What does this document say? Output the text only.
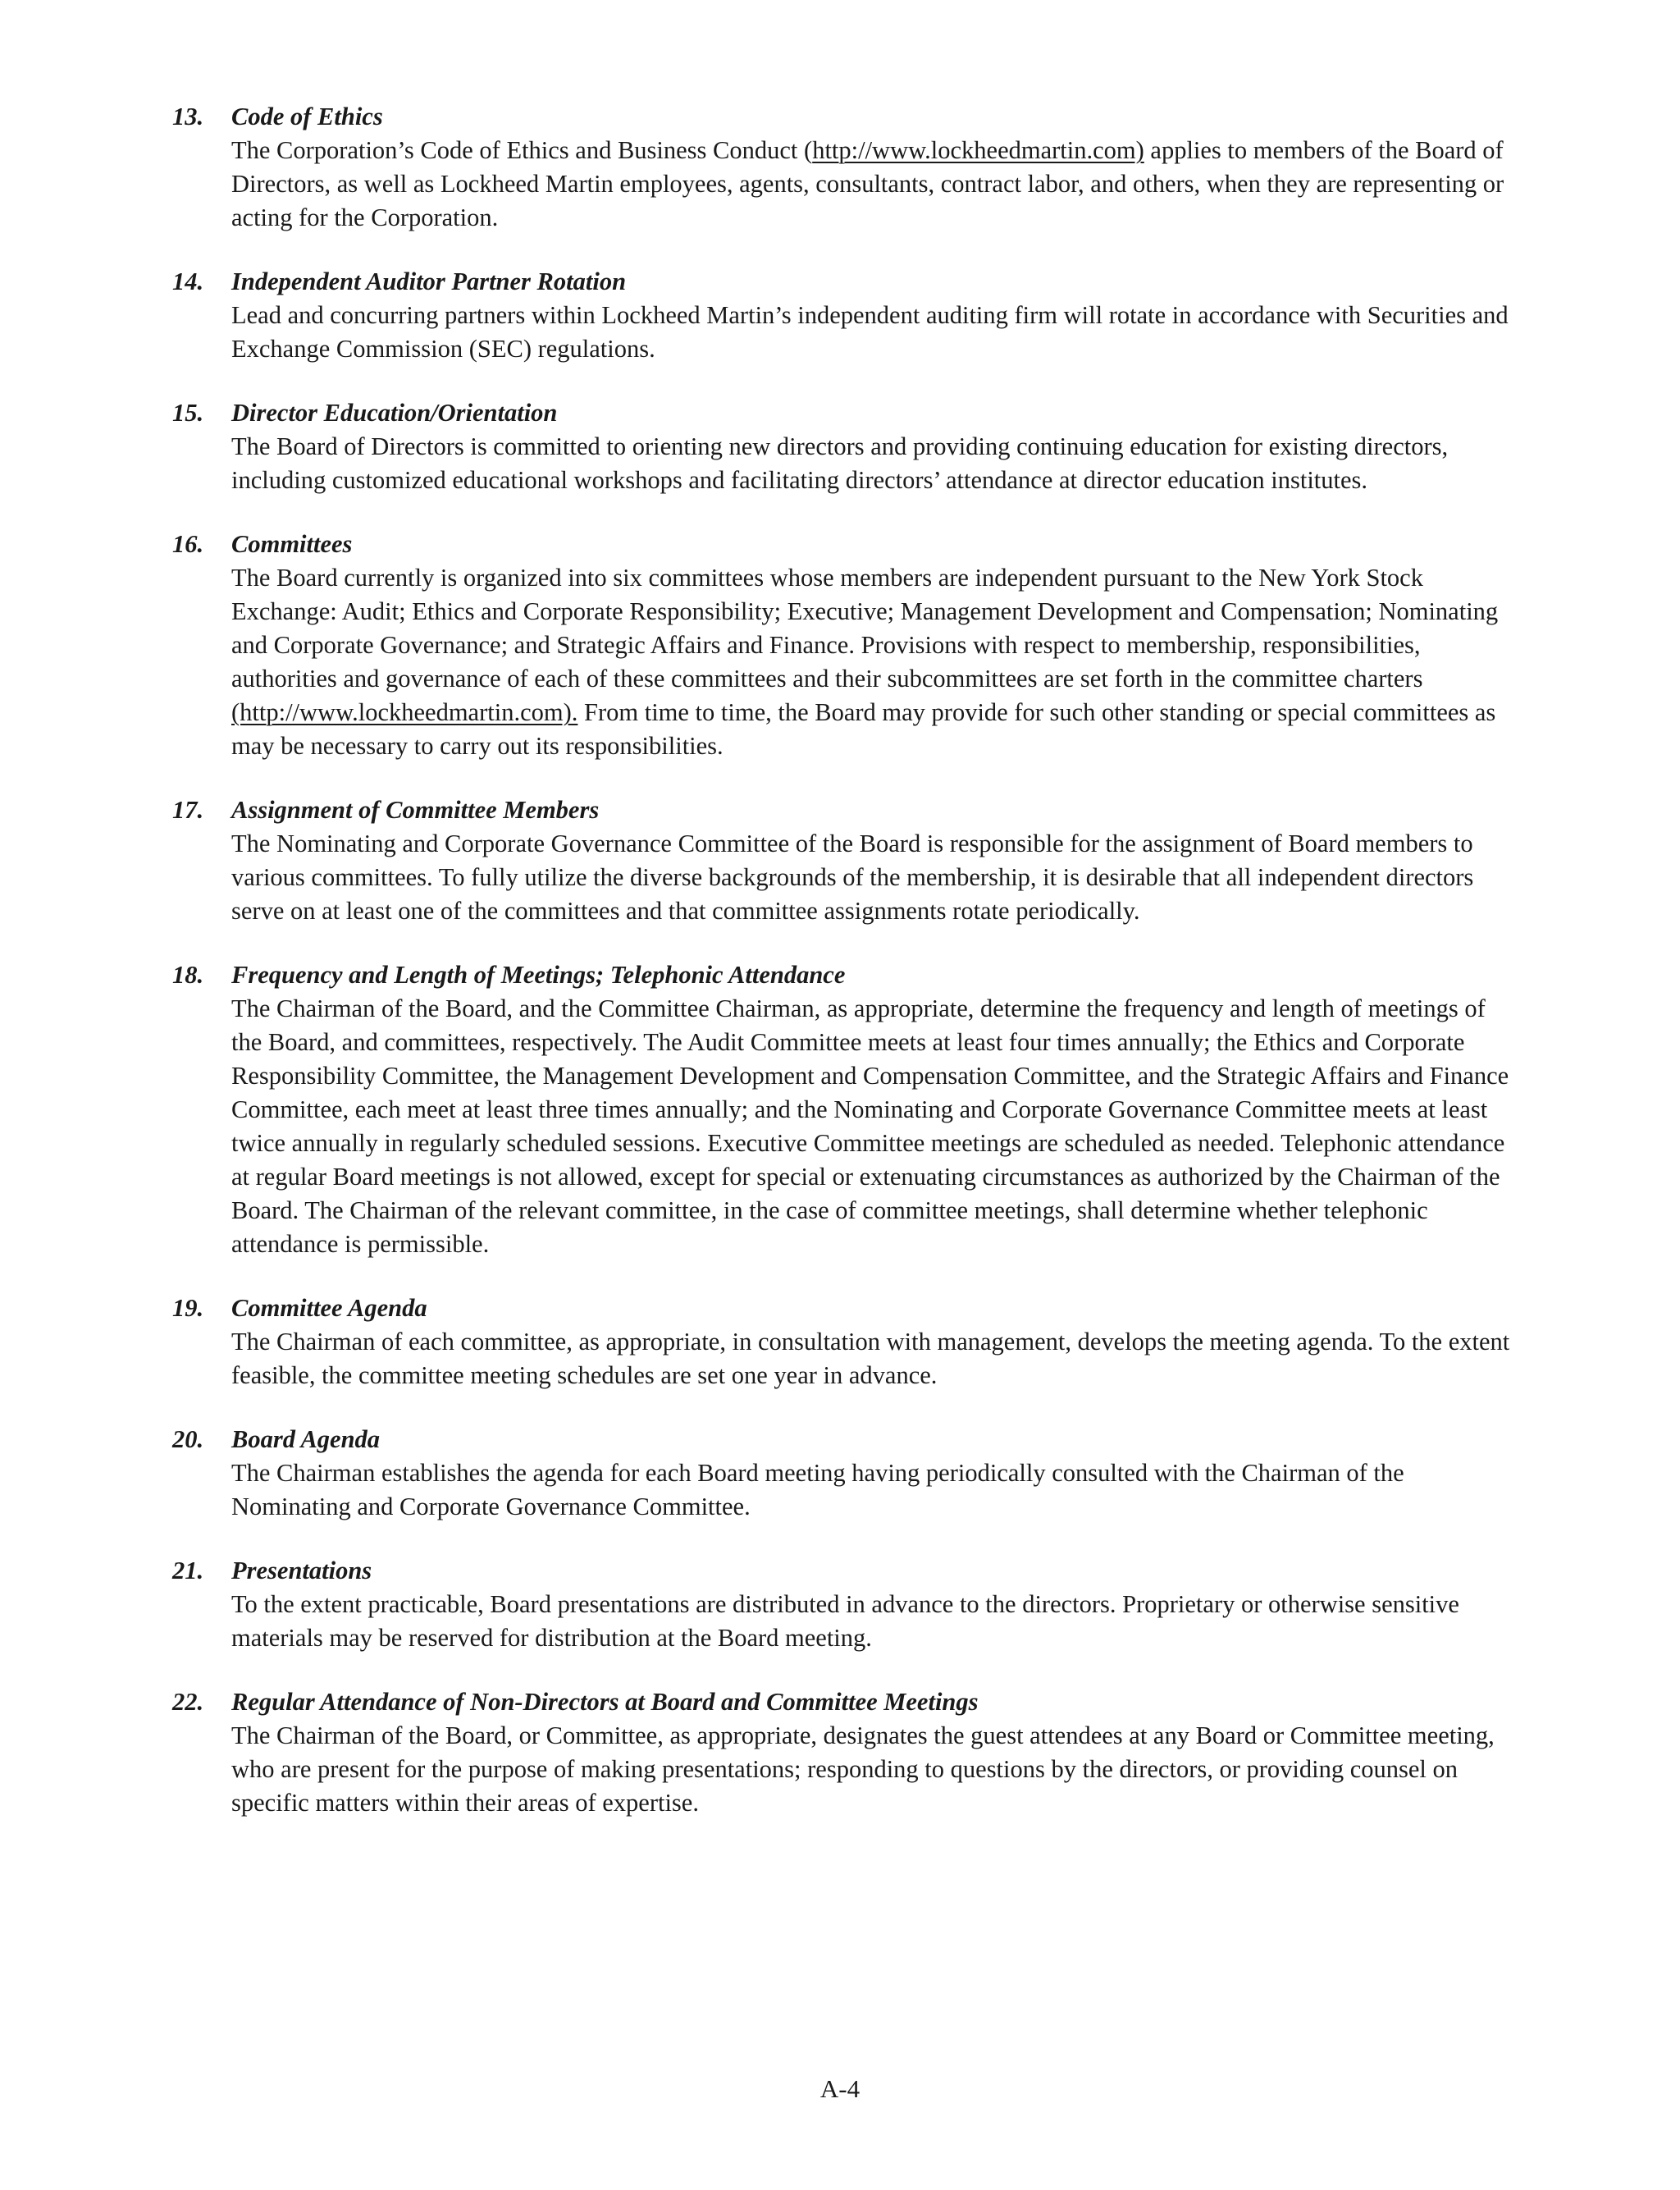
13. Code of Ethics
The Corporation’s Code of Ethics and Business Conduct (http://www.lockheedmartin.com) applies to members of the Board of Directors, as well as Lockheed Martin employees, agents, consultants, contract labor, and others, when they are representing or acting for the Corporation.
14. Independent Auditor Partner Rotation
Lead and concurring partners within Lockheed Martin’s independent auditing firm will rotate in accordance with Securities and Exchange Commission (SEC) regulations.
15. Director Education/Orientation
The Board of Directors is committed to orienting new directors and providing continuing education for existing directors, including customized educational workshops and facilitating directors’ attendance at director education institutes.
16. Committees
The Board currently is organized into six committees whose members are independent pursuant to the New York Stock Exchange: Audit; Ethics and Corporate Responsibility; Executive; Management Development and Compensation; Nominating and Corporate Governance; and Strategic Affairs and Finance. Provisions with respect to membership, responsibilities, authorities and governance of each of these committees and their subcommittees are set forth in the committee charters (http://www.lockheedmartin.com). From time to time, the Board may provide for such other standing or special committees as may be necessary to carry out its responsibilities.
17. Assignment of Committee Members
The Nominating and Corporate Governance Committee of the Board is responsible for the assignment of Board members to various committees. To fully utilize the diverse backgrounds of the membership, it is desirable that all independent directors serve on at least one of the committees and that committee assignments rotate periodically.
18. Frequency and Length of Meetings; Telephonic Attendance
The Chairman of the Board, and the Committee Chairman, as appropriate, determine the frequency and length of meetings of the Board, and committees, respectively. The Audit Committee meets at least four times annually; the Ethics and Corporate Responsibility Committee, the Management Development and Compensation Committee, and the Strategic Affairs and Finance Committee, each meet at least three times annually; and the Nominating and Corporate Governance Committee meets at least twice annually in regularly scheduled sessions. Executive Committee meetings are scheduled as needed. Telephonic attendance at regular Board meetings is not allowed, except for special or extenuating circumstances as authorized by the Chairman of the Board. The Chairman of the relevant committee, in the case of committee meetings, shall determine whether telephonic attendance is permissible.
19. Committee Agenda
The Chairman of each committee, as appropriate, in consultation with management, develops the meeting agenda. To the extent feasible, the committee meeting schedules are set one year in advance.
20. Board Agenda
The Chairman establishes the agenda for each Board meeting having periodically consulted with the Chairman of the Nominating and Corporate Governance Committee.
21. Presentations
To the extent practicable, Board presentations are distributed in advance to the directors. Proprietary or otherwise sensitive materials may be reserved for distribution at the Board meeting.
22. Regular Attendance of Non-Directors at Board and Committee Meetings
The Chairman of the Board, or Committee, as appropriate, designates the guest attendees at any Board or Committee meeting, who are present for the purpose of making presentations; responding to questions by the directors, or providing counsel on specific matters within their areas of expertise.
A-4
